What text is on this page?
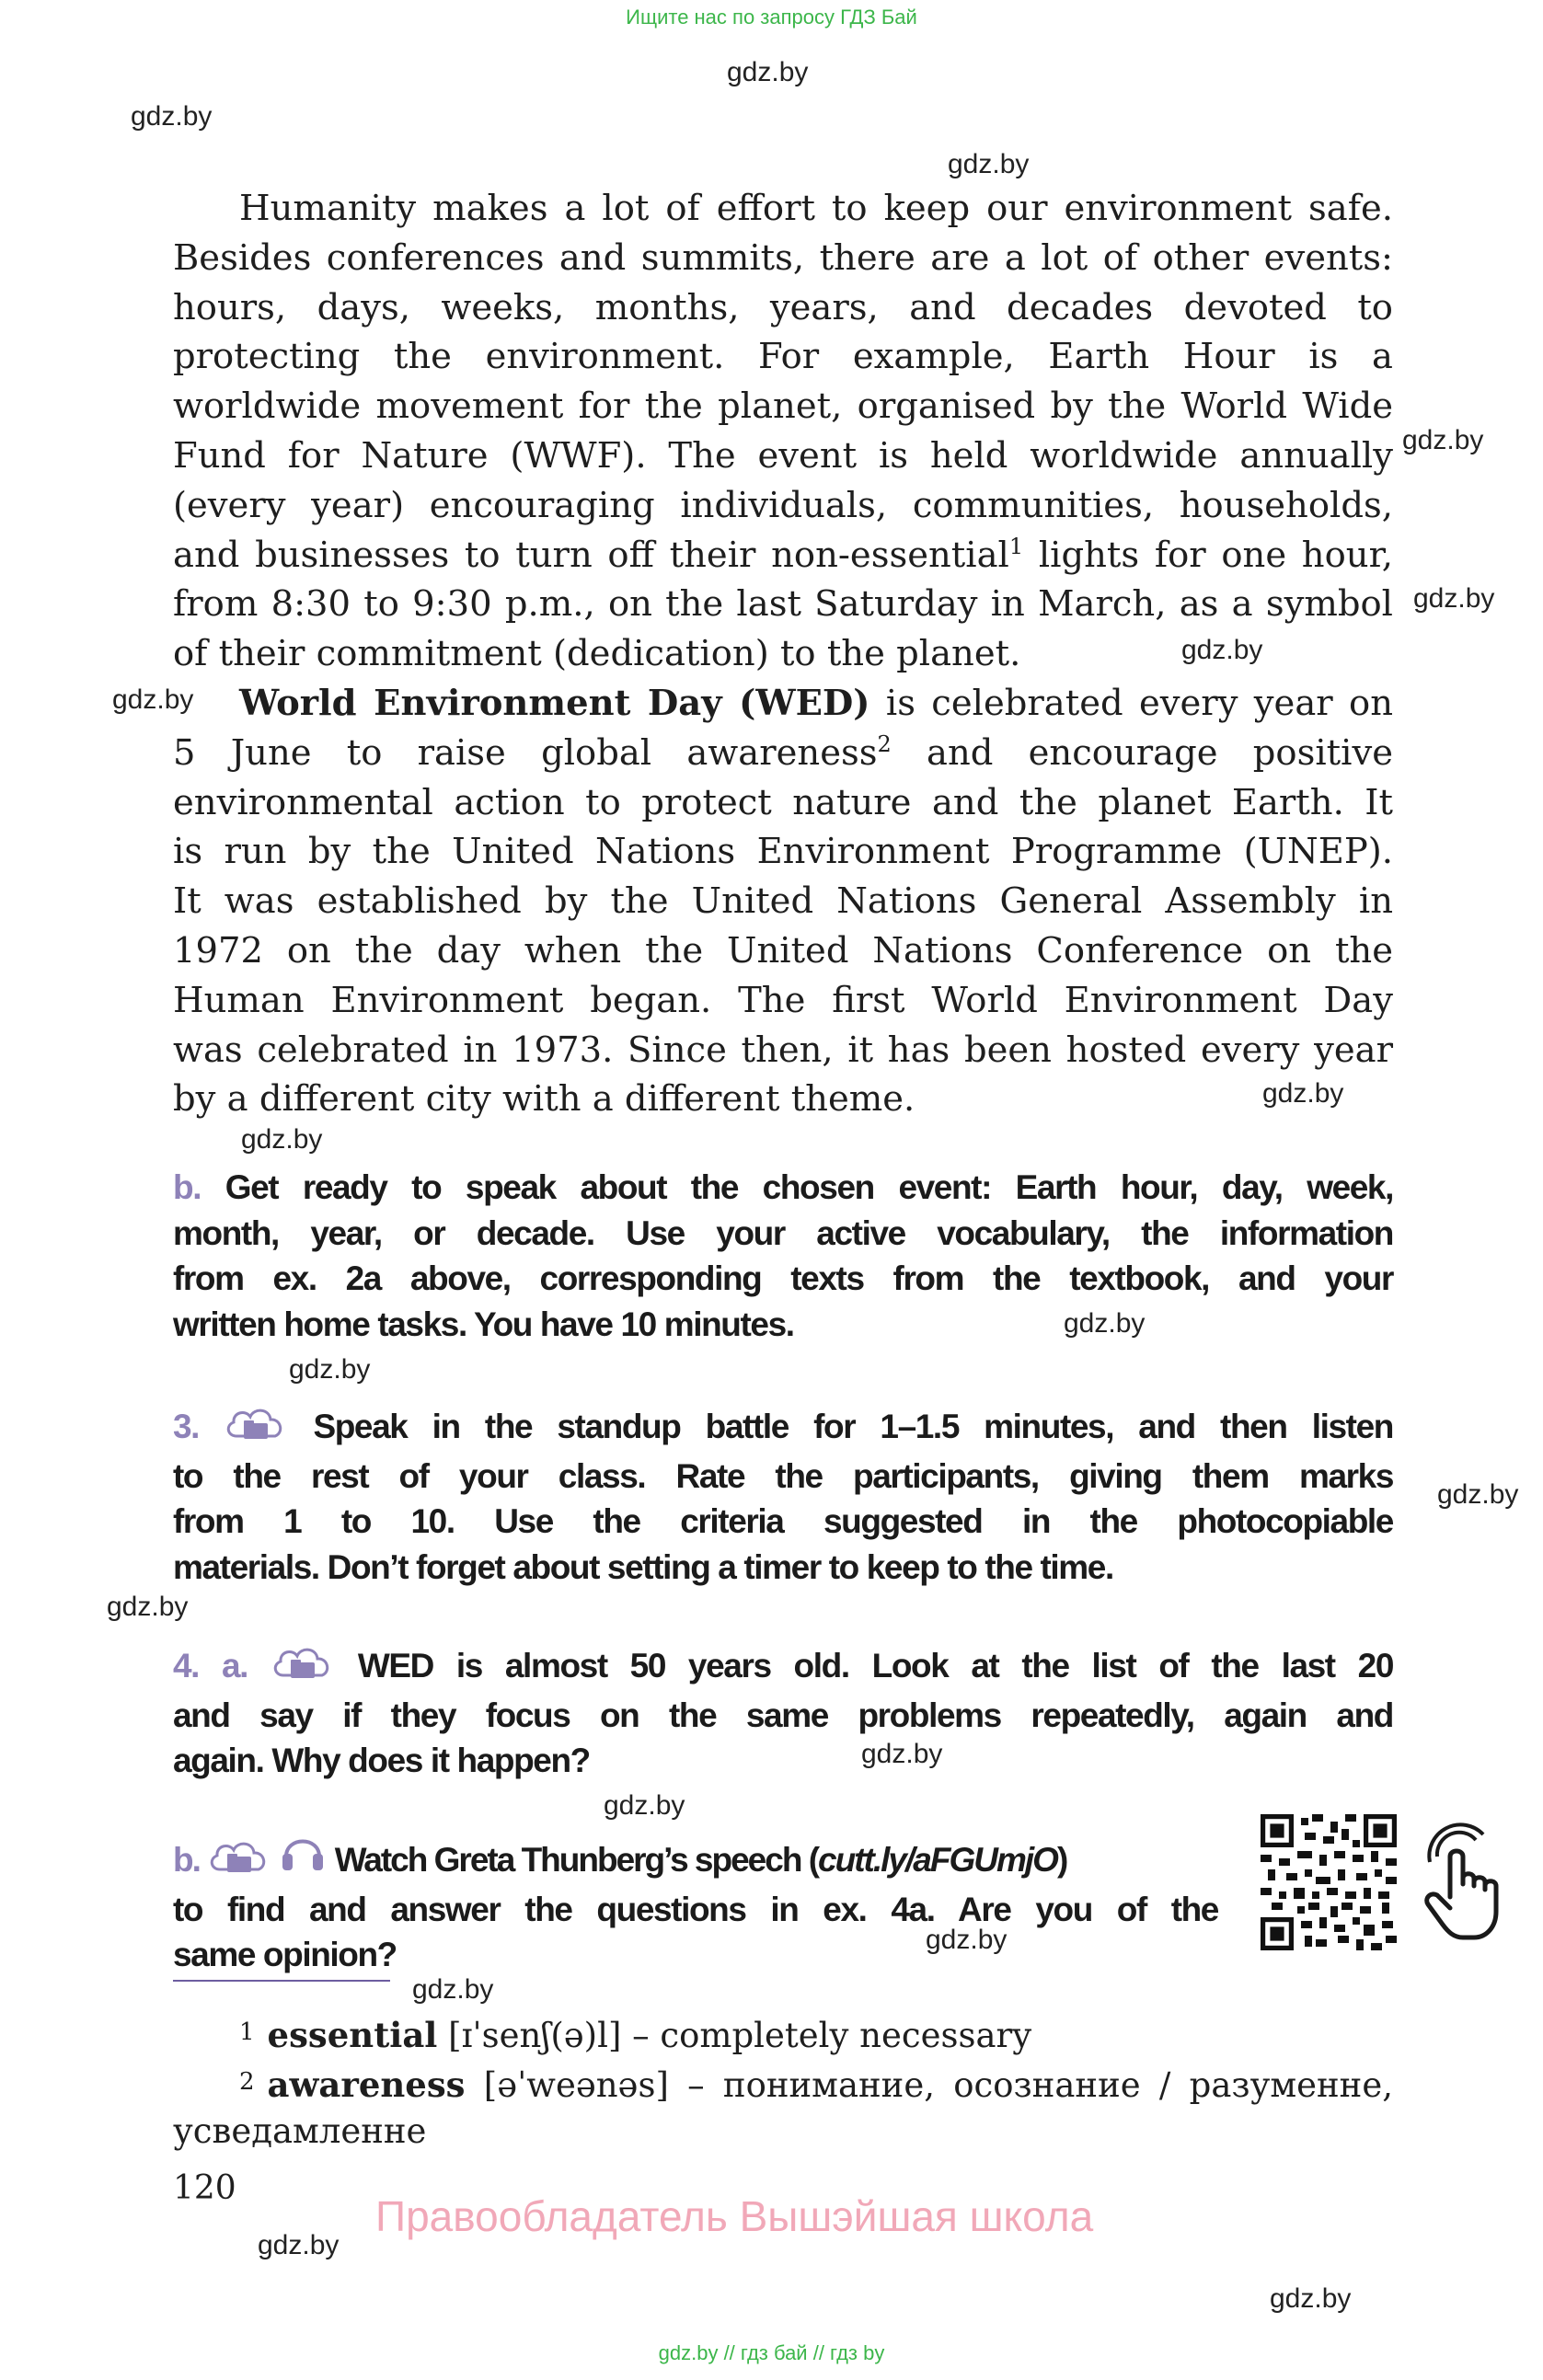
Ищите нас по запросу ГДЗ Бай
gdz.by
gdz.by
gdz.by
gdz.by
gdz.by
gdz.by
gdz.by
gdz.by
gdz.by
gdz.by
gdz.by
gdz.by
gdz.by
gdz.by
gdz.by
gdz.by
gdz.by
gdz.by
gdz.by
Humanity makes a lot of effort to keep our environment safe.
Besides conferences and summits, there are a lot of other events:
hours, days, weeks, months, years, and decades devoted to
protecting the environment. For example, Earth Hour is a
worldwide movement for the planet, organised by the World Wide
Fund for Nature (WWF). The event is held worldwide annually
(every year) encouraging individuals, communities, households,
and businesses to turn off their non-essential$^1$ lights for one hour,
from 8:30 to 9:30 p.m., on the last Saturday in March, as a symbol
of their commitment (dedication) to the planet.
World Environment Day (WED) is celebrated every year on
5 June to raise global awareness$^2$ and encourage positive
environmental action to protect nature and the planet Earth. It
is run by the United Nations Environment Programme (UNEP).
It was established by the United Nations General Assembly in
1972 on the day when the United Nations Conference on the
Human Environment began. The first World Environment Day
was celebrated in 1973. Since then, it has been hosted every year
by a different city with a different theme.
b. Get ready to speak about the chosen event: Earth hour, day, week,
month, year, or decade. Use your active vocabulary, the information
from ex. 2a above, corresponding texts from the textbook, and your
written home tasks. You have 10 minutes.
3.	Speak in the standup battle for 1–1.5 minutes, and then listen
to the rest of your class. Rate the participants, giving them marks
from 1 to 10. Use the criteria suggested in the photocopiable
materials. Don’t forget about setting a timer to keep to the time.
4. a.	WED is almost 50 years old. Look at the list of the last 20
and say if they focus on the same problems repeatedly, again and
again. Why does it happen?
b.	Watch Greta Thunberg’s speech (cutt.ly/aFGUmjO)
to find and answer the questions in ex. 4a. Are you of the
same opinion?
$^1$ essential [ɪˈsenʃ(ə)l] – completely necessary
$^2$ awareness [əˈweənəs] – понимание, осознание / разуменне,
усведамленне
120
Правообладатель Вышэйшая школа
gdz.by // гдз бай // гдз by
